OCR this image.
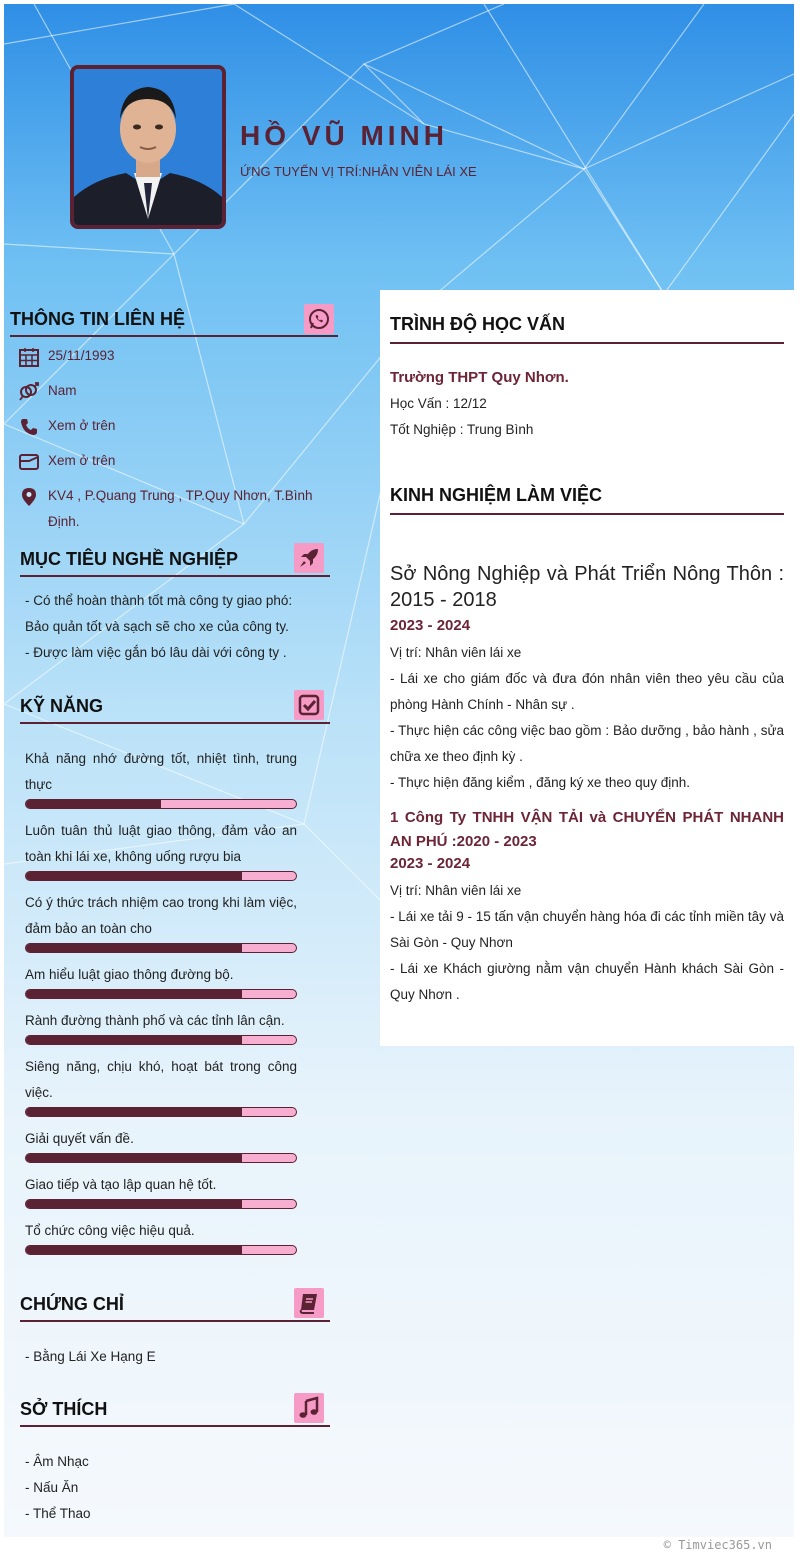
HỒ VŨ MINH
ỨNG TUYỂN VỊ TRÍ:NHÂN VIÊN LÁI XE
THÔNG TIN LIÊN HỆ
25/11/1993
Nam
Xem ở trên
Xem ở trên
KV4 , P.Quang Trung , TP.Quy Nhơn, T.Bình Định.
MỤC TIÊU NGHỀ NGHIỆP
- Có thể hoàn thành tốt mà công ty giao phó:
Bảo quản tốt và sạch sẽ cho xe của công ty.
- Được làm việc gắn bó lâu dài với công ty .
KỸ NĂNG
Khả năng nhớ đường tốt, nhiệt tình, trung thực
Luôn tuân thủ luật giao thông, đảm vảo an toàn khi lái xe, không uống rượu bia
Có ý thức trách nhiệm cao trong khi làm việc, đảm bảo an toàn cho
Am hiểu luật giao thông đường bộ.
Rành đường thành phố và các tỉnh lân cận.
Siêng năng, chịu khó, hoạt bát trong công việc.
Giải quyết vấn đề.
Giao tiếp và tạo lập quan hệ tốt.
Tổ chức công việc hiệu quả.
CHỨNG CHỈ
- Bằng Lái Xe Hạng E
SỞ THÍCH
- Âm Nhạc
- Nấu Ăn
- Thể Thao
TRÌNH ĐỘ HỌC VẤN
Trường THPT Quy Nhơn.
Học Vấn : 12/12
Tốt Nghiệp : Trung Bình
KINH NGHIỆM LÀM VIỆC
Sở Nông Nghiệp và Phát Triển Nông Thôn : 2015 - 2018
2023 - 2024
Vị trí: Nhân viên lái xe
- Lái xe cho giám đốc và đưa đón nhân viên theo yêu cầu của phòng Hành Chính - Nhân sự .
- Thực hiện các công việc bao gồm : Bảo dưỡng , bảo hành , sửa chữa xe theo định kỳ .
- Thực hiện đăng kiểm , đăng ký xe theo quy định.
1 Công Ty TNHH VẬN TẢI và CHUYỂN PHÁT NHANH AN PHÚ :2020 - 2023
2023 - 2024
Vị trí: Nhân viên lái xe
- Lái xe tải 9 - 15 tấn vận chuyển hàng hóa đi các tỉnh miền tây và Sài Gòn - Quy Nhơn
- Lái xe Khách giường nằm vận chuyển Hành khách Sài Gòn - Quy Nhơn .
© Timviec365.vn
